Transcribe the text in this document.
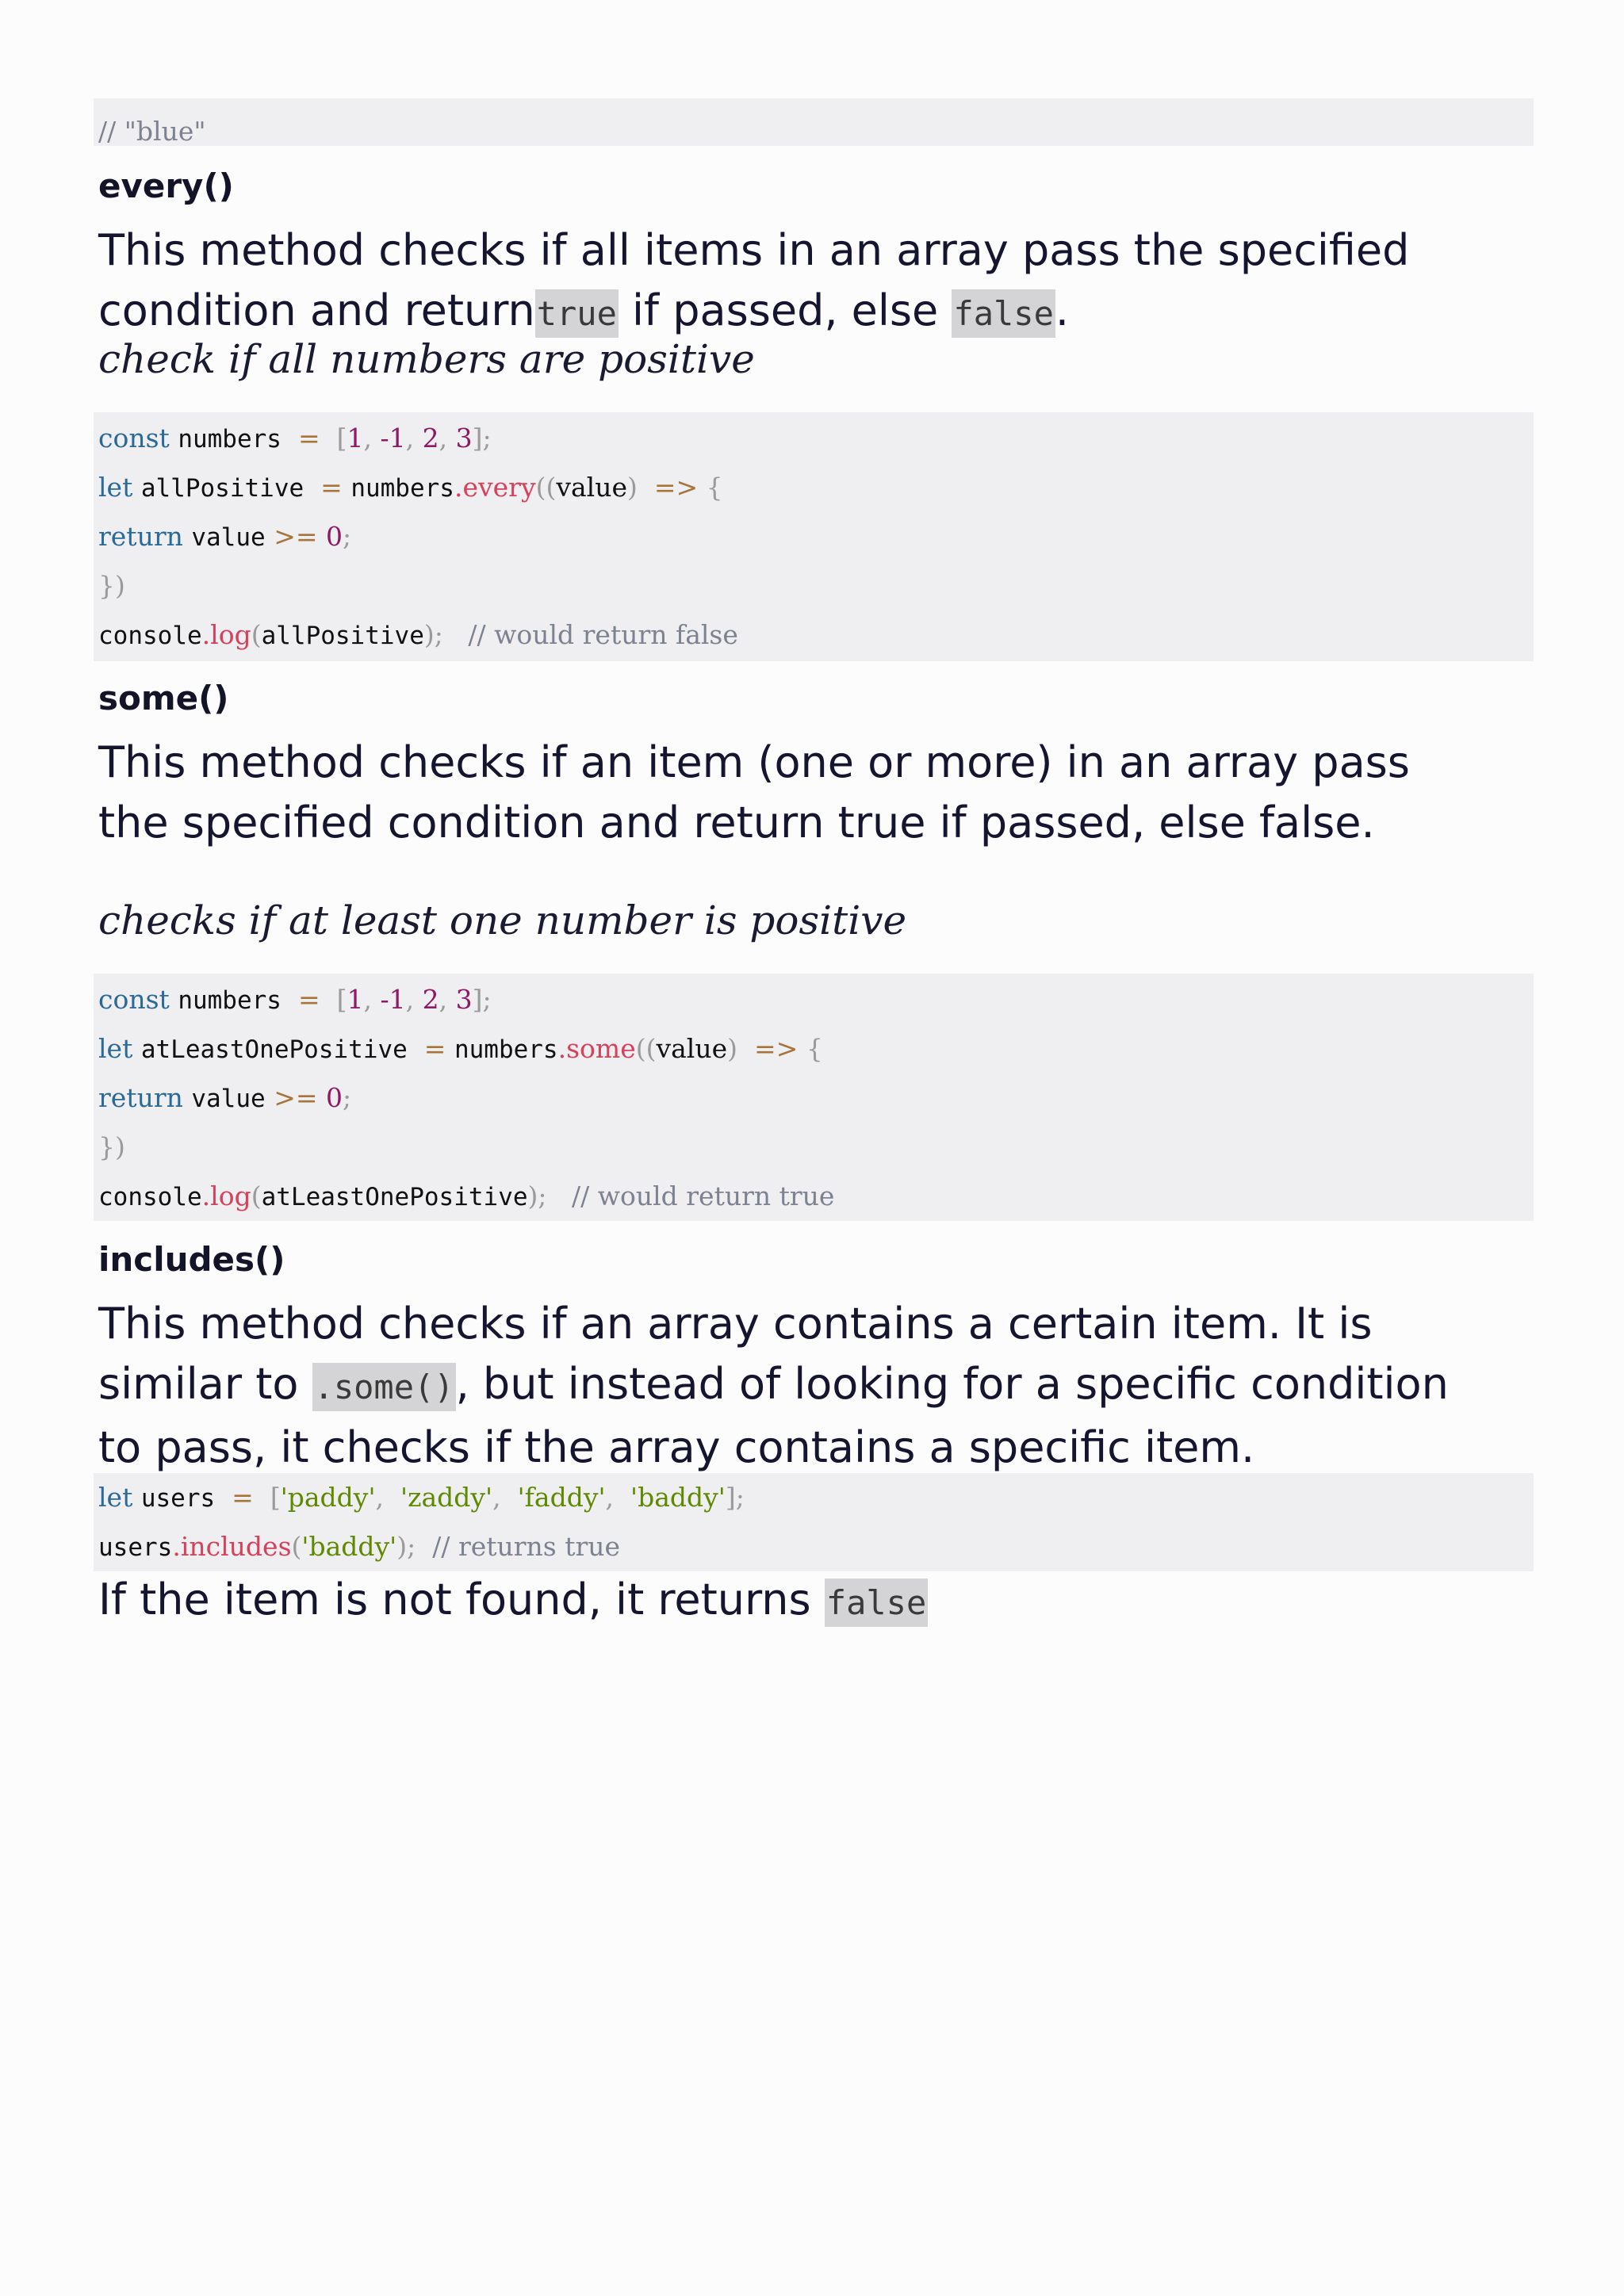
// "blue"
every()

This method checks if all items in an array pass the specified condition and returntrue if passed, else false.

check if all numbers are positive

const numbers = [1, -1, 2, 3];
let allPositive = numbers.every((value) => {
return value >= 0;
})
console.log(allPositive); // would return false
some()

This method checks if an item (one or more) in an array pass the specified condition and return true if passed, else false.

checks if at least one number is positive

const numbers = [1, -1, 2, 3];
let atLeastOnePositive = numbers.some((value) => {
return value >= 0;
})
console.log(atLeastOnePositive); // would return true
includes()

This method checks if an array contains a certain item. It is similar to .some(), but instead of looking for a specific condition to pass, it checks if the array contains a specific item.

let users = ['paddy',  'zaddy',  'faddy',  'baddy'];
users.includes('baddy'); // returns true

If the item is not found, it returns false
